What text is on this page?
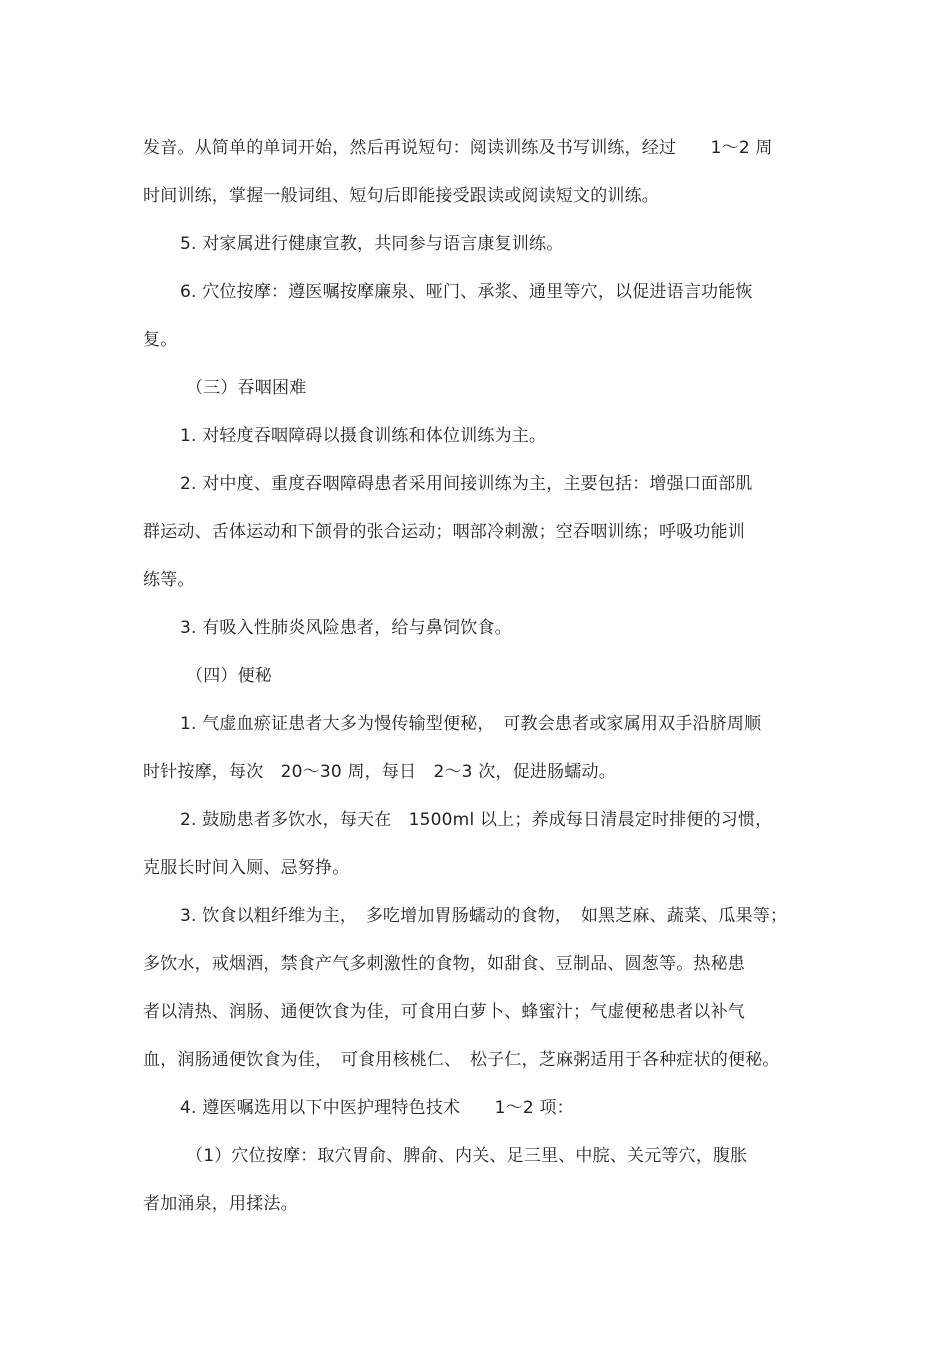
发音。从简单的单词开始，然后再说短句：阅读训练及书写训练，经过　　1～2 周
时间训练，掌握一般词组、短句后即能接受跟读或阅读短文的训练。
5. 对家属进行健康宣教，共同参与语言康复训练。
6. 穴位按摩：遵医嘱按摩廉泉、哑门、承浆、通里等穴，以促进语言功能恢
复。
（三）吞咽困难
1. 对轻度吞咽障碍以摄食训练和体位训练为主。
2. 对中度、重度吞咽障碍患者采用间接训练为主，主要包括：增强口面部肌
群运动、舌体运动和下颌骨的张合运动；咽部冷刺激；空吞咽训练；呼吸功能训
练等。
3. 有吸入性肺炎风险患者，给与鼻饲饮食。
（四）便秘
1. 气虚血瘀证患者大多为慢传输型便秘，　可教会患者或家属用双手沿脐周顺
时针按摩，每次　20～30 周，每日　2～3 次，促进肠蠕动。
2. 鼓励患者多饮水，每天在　1500ml 以上；养成每日清晨定时排便的习惯，
克服长时间入厕、忌努挣。
3. 饮食以粗纤维为主，　多吃增加胃肠蠕动的食物，　如黑芝麻、蔬菜、瓜果等；
多饮水，戒烟酒，禁食产气多刺激性的食物，如甜食、豆制品、圆葱等。热秘患
者以清热、润肠、通便饮食为佳，可食用白萝卜、蜂蜜汁；气虚便秘患者以补气
血，润肠通便饮食为佳，　可食用核桃仁、　松子仁，芝麻粥适用于各种症状的便秘。
4. 遵医嘱选用以下中医护理特色技术　　1～2 项：
（1）穴位按摩：取穴胃俞、脾俞、内关、足三里、中脘、关元等穴，腹胀
者加涌泉，用揉法。
